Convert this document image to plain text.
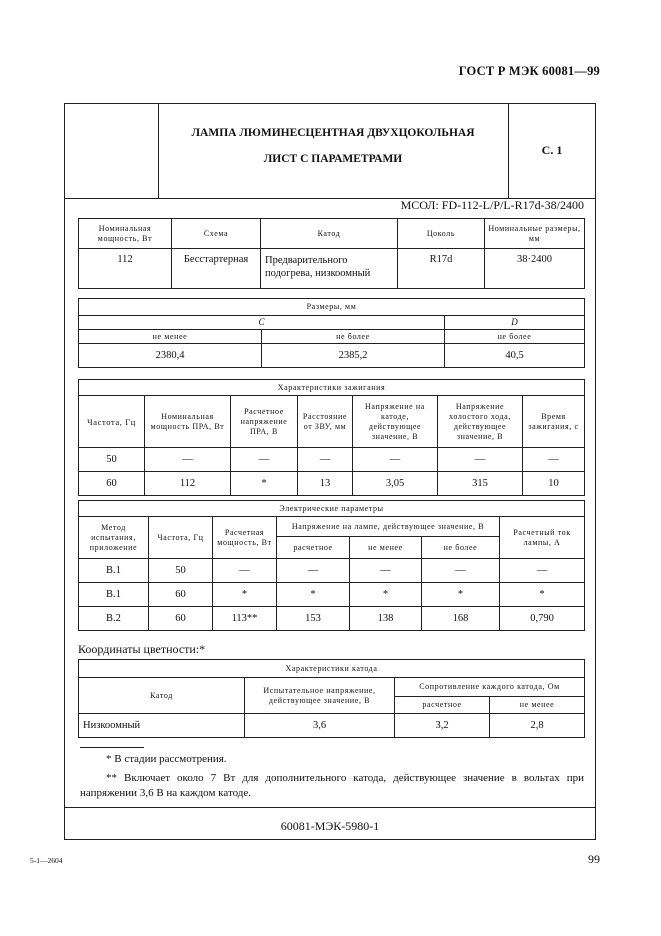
ГОСТ Р МЭК 60081—99
ЛАМПА ЛЮМИНЕСЦЕНТНАЯ ДВУХЦОКОЛЬНАЯ
ЛИСТ С ПАРАМЕТРАМИ
С. 1
МСОЛ: FD-112-L/P/L-R17d-38/2400
Номинальная мощность, Вт	Схема	Катод	Цоколь	Номинальные размеры, мм
112	Бесстартерная	Предварительного подогрева, низкоомный	R17d	38·2400
Размеры, мм		
C		D
не менее	не более	не более
2380,4	2385,2	40,5
Характеристики зажигания						
Частота, Гц	Номинальная мощность ПРА, Вт	Расчетное напряжение ПРА, В	Расстояние от ЗВУ, мм	Напряжение на катоде, действующее значение, В	Напряжение холостого хода, действующее значение, В	Время зажигания, с
50	—	—	—	—	—	—
60	112	*	13	3,05	315	10
Электрические параметры						
Метод испытания, приложение	Частота, Гц	Расчетная мощность, Вт	Напряжение на лампе, действующее значение, В			Расчетный ток лампы, А
			расчетное	не менее	не более	
B.1	50	—	—	—	—	—
B.1	60	*	*	*	*	*
B.2	60	113**	153	138	168	0,790
Координаты цветности:*
Характеристики катода			
Катод	Испытательное напряжение, действующее значение, В	Сопротивление каждого катода, Ом	
		расчетное	не менее
Низкоомный	3,6	3,2	2,8
* В стадии рассмотрения.
** Включает около 7 Вт для дополнительного катода, действующее значение в вольтах при напряжении 3,6 В на каждом катоде.
60081-МЭК-5980-1
5-1—2604	99
